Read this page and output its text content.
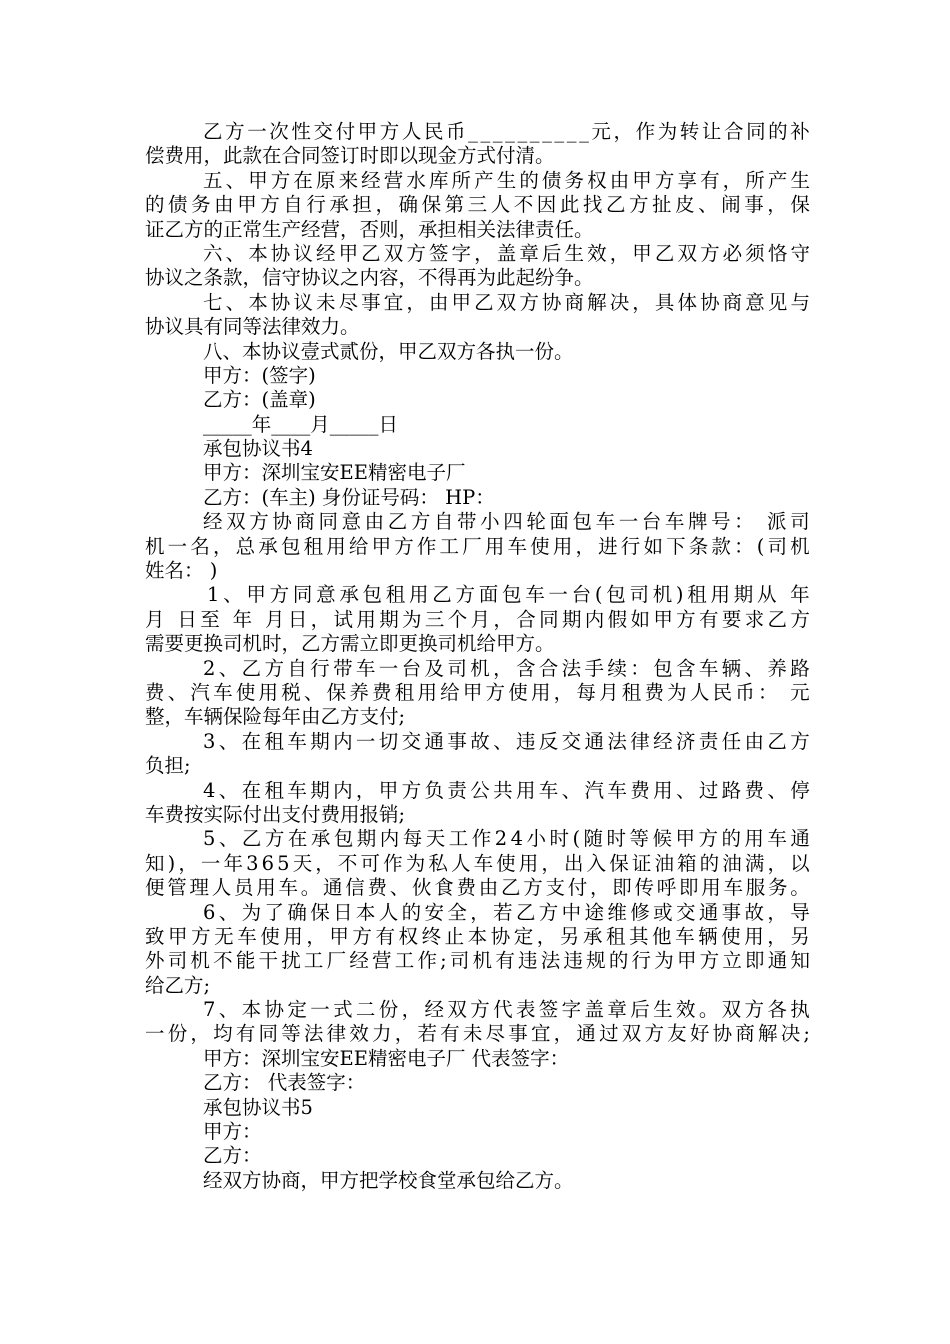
乙 方 一 次 性 交 付 甲 方 人 民 币 _ _ _ _ _ _ _ _ _ _ 元 ， 作 为 转 让 合 同 的 补
偿费用，此款在合同签订时即以现金方式付清。
五 、 甲 方 在 原 来 经 营 水 库 所 产 生 的 债 务 权 由 甲 方 享 有 ， 所 产 生
的 债 务 由 甲 方 自 行 承 担 ， 确 保 第 三 人 不 因 此 找 乙 方 扯 皮 、 闹 事 ， 保
证乙方的正常生产经营，否则，承担相关法律责任。
六 、 本 协 议 经 甲 乙 双 方 签 字 ， 盖 章 后 生 效 ， 甲 乙 双 方 必 须 恪 守
协议之条款，信守协议之内容，不得再为此起纷争。
七 、 本 协 议 未 尽 事 宜 ， 由 甲 乙 双 方 协 商 解 决 ， 具 体 协 商 意 见 与
协议具有同等法律效力。
八、本协议壹式贰份，甲乙双方各执一份。
甲方：(签字)
乙方：(盖章)
_____年____月_____日
承包协议书4
甲方：深圳宝安EE精密电子厂
乙方：(车主) 身份证号码： HP：
经 双 方 协 商 同 意 由 乙 方 自 带 小 四 轮 面 包 车 一 台 车 牌 号 ：
派 司
机 一 名 ， 总 承 包 租 用 给 甲 方 作 工 厂 用 车 使 用 ， 进 行 如 下 条 款 ： ( 司 机
姓名： )
1 、 甲 方 同 意 承 包 租 用 乙 方 面 包 车 一 台 ( 包 司 机 ) 租 用 期 从
年
月
日 至
年
月 日 ， 试 用 期 为 三 个 月 ， 合 同 期 内 假 如 甲 方 有 要 求 乙 方
需要更换司机时，乙方需立即更换司机给甲方。
2 、 乙 方 自 行 带 车 一 台 及 司 机 ， 含 合 法 手 续 ： 包 含 车 辆 、 养 路
费 、 汽 车 使 用 税 、 保 养 费 租 用 给 甲 方 使 用 ， 每 月 租 费 为 人 民 币 ：
元
整，车辆保险每年由乙方支付;
3 、 在 租 车 期 内 一 切 交 通 事 故 、 违 反 交 通 法 律 经 济 责 任 由 乙 方
负担;
4 、 在 租 车 期 内 ， 甲 方 负 责 公 共 用 车 、 汽 车 费 用 、 过 路 费 、 停
车费按实际付出支付费用报销;
5 、 乙 方 在 承 包 期 内 每 天 工 作 2 4 小 时 ( 随 时 等 候 甲 方 的 用 车 通
知 ) ， 一 年 3 6 5 天 ， 不 可 作 为 私 人 车 使 用 ， 出 入 保 证 油 箱 的 油 满 ， 以
便 管 理 人 员 用 车 。 通 信 费 、 伙 食 费 由 乙 方 支 付 ， 即 传 呼 即 用 车 服 务 。
6 、 为 了 确 保 日 本 人 的 安 全 ， 若 乙 方 中 途 维 修 或 交 通 事 故 ， 导
致 甲 方 无 车 使 用 ， 甲 方 有 权 终 止 本 协 定 ， 另 承 租 其 他 车 辆 使 用 ， 另
外 司 机 不 能 干 扰 工 厂 经 营 工 作 ; 司 机 有 违 法 违 规 的 行 为 甲 方 立 即 通 知
给乙方;
7 、 本 协 定 一 式 二 份 ， 经 双 方 代 表 签 字 盖 章 后 生 效 。 双 方 各 执
一 份 ， 均 有 同 等 法 律 效 力 ， 若 有 未 尽 事 宜 ， 通 过 双 方 友 好 协 商 解 决 ;
甲方：深圳宝安EE精密电子厂 代表签字：
乙方： 代表签字：
承包协议书5
甲方：
乙方：
经双方协商，甲方把学校食堂承包给乙方。
